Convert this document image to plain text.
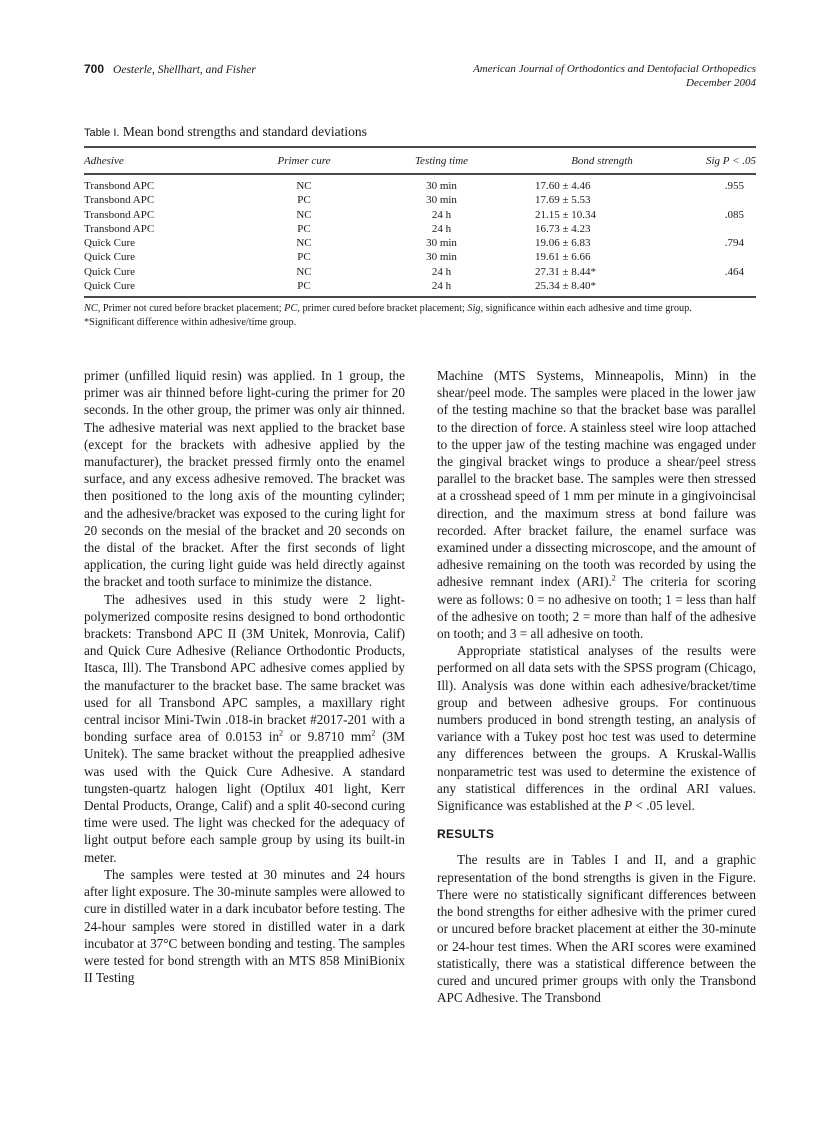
700 Oesterle, Shellhart, and Fisher	American Journal of Orthodontics and Dentofacial Orthopedics
December 2004
Table I. Mean bond strengths and standard deviations
Adhesive	Primer cure	Testing time	Bond strength	Sig P < .05

Transbond APC	NC	30 min	17.60 ± 4.46	.955
Transbond APC	PC	30 min	17.69 ± 5.53	
Transbond APC	NC	24 h	21.15 ± 10.34	.085
Transbond APC	PC	24 h	16.73 ± 4.23	
Quick Cure	NC	30 min	19.06 ± 6.83	.794
Quick Cure	PC	30 min	19.61 ± 6.66	
Quick Cure	NC	24 h	27.31 ± 8.44*	.464
Quick Cure	PC	24 h	25.34 ± 8.40*	
NC, Primer not cured before bracket placement; PC, primer cured before bracket placement; Sig, significance within each adhesive and time group.
*Significant difference within adhesive/time group.

primer (unfilled liquid resin) was applied. In 1 group, the primer was air thinned before light-curing the primer for 20 seconds. In the other group, the primer was only air thinned. The adhesive material was next applied to the bracket base (except for the brackets with adhesive applied by the manufacturer), the bracket pressed firmly onto the enamel surface, and any excess adhesive removed. The bracket was then positioned to the long axis of the mounting cylinder; and the adhesive/bracket was exposed to the curing light for 20 seconds on the mesial of the bracket and 20 seconds on the distal of the bracket. After the first seconds of light application, the curing light guide was held directly against the bracket and tooth surface to minimize the distance.

The adhesives used in this study were 2 light-polymerized composite resins designed to bond orthodontic brackets: Transbond APC II (3M Unitek, Monrovia, Calif) and Quick Cure Adhesive (Reliance Orthodontic Products, Itasca, Ill). The Transbond APC adhesive comes applied by the manufacturer to the bracket base. The same bracket was used for all Transbond APC samples, a maxillary right central incisor Mini-Twin .018-in bracket #2017-201 with a bonding surface area of 0.0153 $in^2$ or 9.8710 $mm^2$ (3M Unitek). The same bracket without the preapplied adhesive was used with the Quick Cure Adhesive. A standard tungsten-quartz halogen light (Optilux 401 light, Kerr Dental Products, Orange, Calif) and a split 40-second curing time were used. The light was checked for the adequacy of light output before each sample group by using its built-in meter.

The samples were tested at 30 minutes and 24 hours after light exposure. The 30-minute samples were allowed to cure in distilled water in a dark incubator before testing. The 24-hour samples were stored in distilled water in a dark incubator at 37°C between bonding and testing. The samples were tested for bond strength with an MTS 858 MiniBionix II Testing

Machine (MTS Systems, Minneapolis, Minn) in the shear/peel mode. The samples were placed in the lower jaw of the testing machine so that the bracket base was parallel to the direction of force. A stainless steel wire loop attached to the upper jaw of the testing machine was engaged under the gingival bracket wings to produce a shear/peel stress parallel to the bracket base. The samples were then stressed at a crosshead speed of 1 mm per minute in a gingivoincisal direction, and the maximum stress at bond failure was recorded. After bracket failure, the enamel surface was examined under a dissecting microscope, and the amount of adhesive remaining on the tooth was recorded by using the adhesive remnant index (ARI).$^2$ The criteria for scoring were as follows: 0 = no adhesive on tooth; 1 = less than half of the adhesive on tooth; 2 = more than half of the adhesive on tooth; and 3 = all adhesive on tooth.

Appropriate statistical analyses of the results were performed on all data sets with the SPSS program (Chicago, Ill). Analysis was done within each adhesive/bracket/time group and between adhesive groups. For continuous numbers produced in bond strength testing, an analysis of variance with a Tukey post hoc test was used to determine any differences between the groups. A Kruskal-Wallis nonparametric test was used to determine the existence of any statistical differences in the ordinal ARI values. Significance was established at the P < .05 level.

RESULTS

The results are in Tables I and II, and a graphic representation of the bond strengths is given in the Figure. There were no statistically significant differences between the bond strengths for either adhesive with the primer cured or uncured before bracket placement at either the 30-minute or 24-hour test times. When the ARI scores were examined statistically, there was a statistical difference between the cured and uncured primer groups with only the Transbond APC Adhesive. The Transbond
